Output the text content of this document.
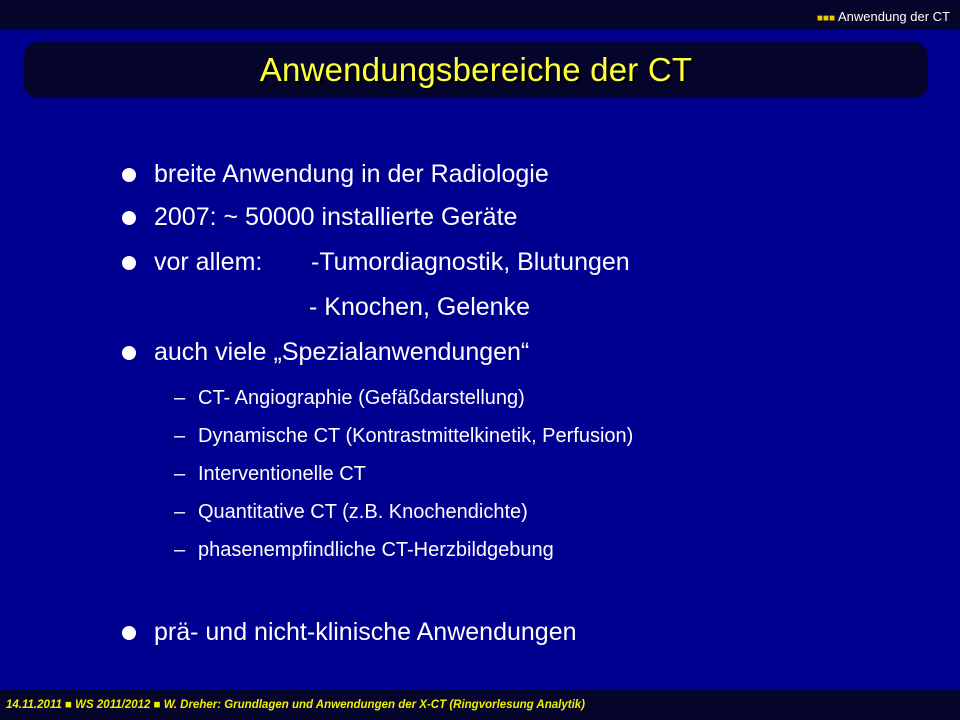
■■■ Anwendung der CT
Anwendungsbereiche der CT
breite Anwendung in der Radiologie
2007: ~ 50000 installierte Geräte
vor allem:	-Tumordiagnostik, Blutungen
- Knochen, Gelenke
auch viele „Spezialanwendungen“
– CT- Angiographie (Gefäßdarstellung)
– Dynamische CT (Kontrastmittelkinetik, Perfusion)
– Interventionelle CT
– Quantitative CT (z.B. Knochendichte)
– phasenempfindliche CT-Herzbildgebung
prä- und nicht-klinische Anwendungen
14.11.2011 ■ WS 2011/2012 ■ W. Dreher: Grundlagen und Anwendungen der X-CT (Ringvorlesung Analytik)
